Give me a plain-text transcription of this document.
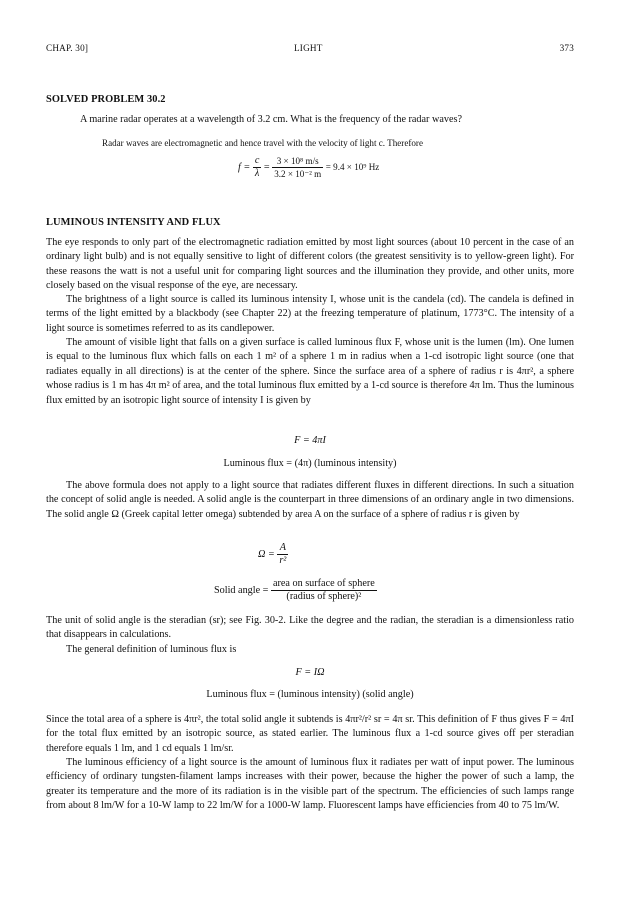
CHAP. 30]	LIGHT	373
SOLVED PROBLEM 30.2

A marine radar operates at a wavelength of 3.2 cm. What is the frequency of the radar waves?

Radar waves are electromagnetic and hence travel with the velocity of light c. Therefore

$f = \frac{c}{\lambda} = \frac{\text{3 × 10⁸ m/s}}{\text{3.2 × 10⁻² m}} = 9.4 \times 10^9$ Hz
LUMINOUS INTENSITY AND FLUX

The eye responds to only part of the electromagnetic radiation emitted by most light sources (about 10 percent in the case of an ordinary light bulb) and is not equally sensitive to light of different colors (the greatest sensitivity is to yellow-green light). For these reasons the watt is not a useful unit for comparing light sources and the illumination they provide, and other units, more closely based on the visual response of the eye, are necessary.

The brightness of a light source is called its luminous intensity I, whose unit is the candela (cd). The candela is defined in terms of the light emitted by a blackbody (see Chapter 22) at the freezing temperature of platinum, 1773°C. The intensity of a light source is sometimes referred to as its candlepower.

The amount of visible light that falls on a given surface is called luminous flux F, whose unit is the lumen (lm). One lumen is equal to the luminous flux which falls on each 1 m² of a sphere 1 m in radius when a 1-cd isotropic light source (one that radiates equally in all directions) is at the center of the sphere. Since the surface area of a sphere of radius r is 4πr², a sphere whose radius is 1 m has 4π m² of area, and the total luminous flux emitted by a 1-cd source is therefore 4π lm. Thus the luminous flux emitted by an isotropic light source of intensity I is given by

F = 4πI

Luminous flux = (4π) (luminous intensity)

The above formula does not apply to a light source that radiates different fluxes in different directions. In such a situation the concept of solid angle is needed. A solid angle is the counterpart in three dimensions of an ordinary angle in two dimensions. The solid angle Ω (Greek capital letter omega) subtended by area A on the surface of a sphere of radius r is given by

$\Omega = \frac{A}{\text{r²}}$
Solid angle = $\frac{\text{area on surface of sphere}}{\text{(radius of sphere)²}}$

The unit of solid angle is the steradian (sr); see Fig. 30-2. Like the degree and the radian, the steradian is a dimensionless ratio that disappears in calculations.

The general definition of luminous flux is

F = IΩ

Luminous flux = (luminous intensity) (solid angle)

Since the total area of a sphere is 4πr², the total solid angle it subtends is 4πr²/r² sr = 4π sr. This definition of F thus gives F = 4πI for the total flux emitted by an isotropic source, as stated earlier. The luminous flux a 1-cd source gives off per steradian therefore equals 1 lm, and 1 cd equals 1 lm/sr.

The luminous efficiency of a light source is the amount of luminous flux it radiates per watt of input power. The luminous efficiency of ordinary tungsten-filament lamps increases with their power, because the higher the power of such a lamp, the greater its temperature and the more of its radiation is in the visible part of the spectrum. The efficiencies of such lamps range from about 8 lm/W for a 10-W lamp to 22 lm/W for a 1000-W lamp. Fluorescent lamps have efficiencies from 40 to 75 lm/W.
